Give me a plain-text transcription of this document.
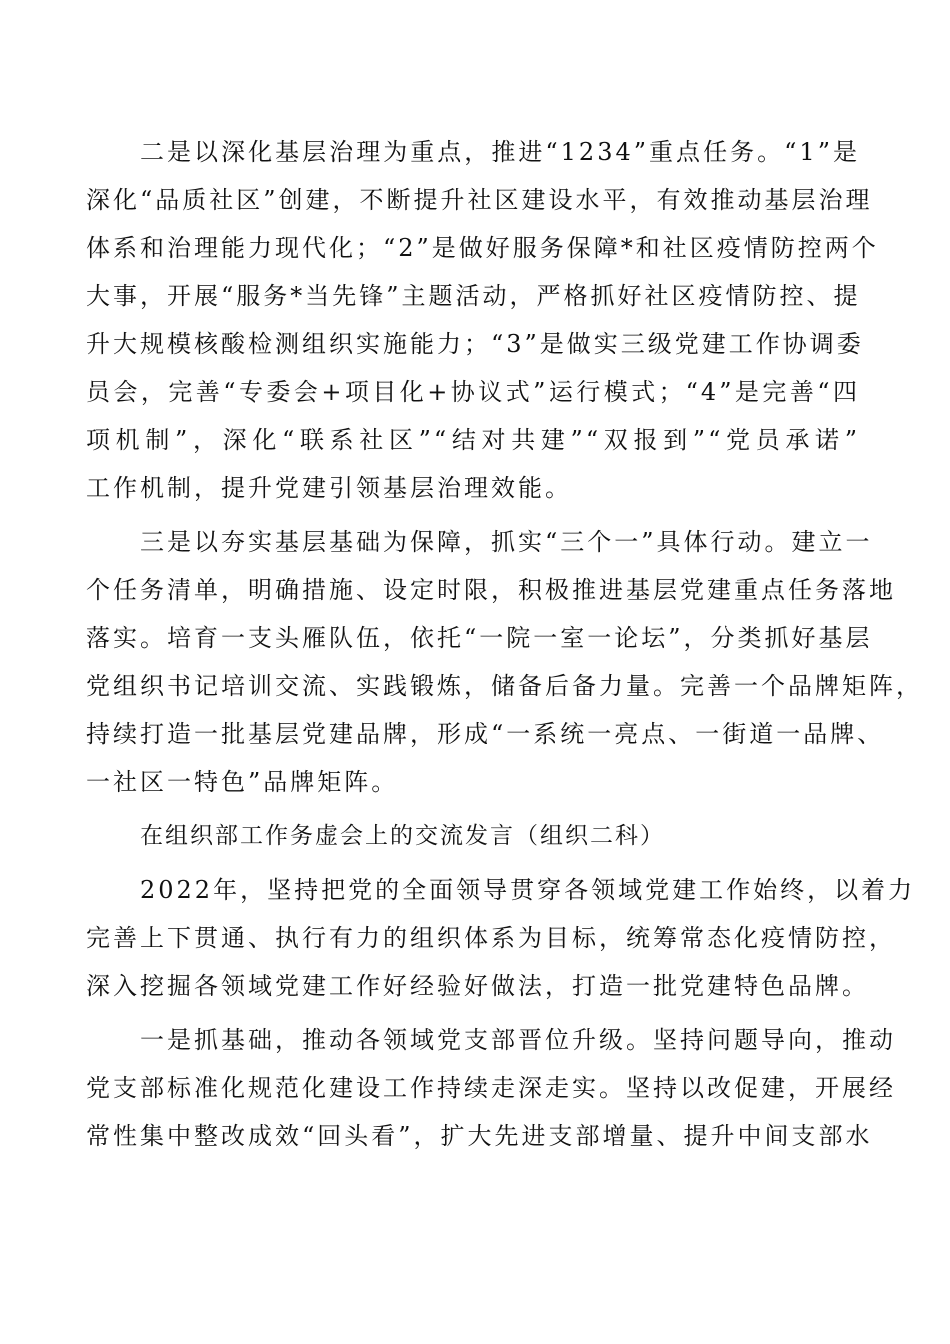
二是以深化基层治理为重点，推进“1234”重点任务。“1”是
深化“品质社区”创建，不断提升社区建设水平，有效推动基层治理
体系和治理能力现代化；“2”是做好服务保障*和社区疫情防控两个
大事，开展“服务*当先锋”主题活动，严格抓好社区疫情防控、提
升大规模核酸检测组织实施能力；“3”是做实三级党建工作协调委
员会，完善“专委会+项目化+协议式”运行模式；“4”是完善“四
项机制”，深化“联系社区”“结对共建”“双报到”“党员承诺”
工作机制，提升党建引领基层治理效能。
三是以夯实基层基础为保障，抓实“三个一”具体行动。建立一
个任务清单，明确措施、设定时限，积极推进基层党建重点任务落地
落实。培育一支头雁队伍，依托“一院一室一论坛”，分类抓好基层
党组织书记培训交流、实践锻炼，储备后备力量。完善一个品牌矩阵，
持续打造一批基层党建品牌，形成“一系统一亮点、一街道一品牌、
一社区一特色”品牌矩阵。
在组织部工作务虚会上的交流发言（组织二科）
2022年，坚持把党的全面领导贯穿各领域党建工作始终，以着力
完善上下贯通、执行有力的组织体系为目标，统筹常态化疫情防控，
深入挖掘各领域党建工作好经验好做法，打造一批党建特色品牌。
一是抓基础，推动各领域党支部晋位升级。坚持问题导向，推动
党支部标准化规范化建设工作持续走深走实。坚持以改促建，开展经
常性集中整改成效“回头看”，扩大先进支部增量、提升中间支部水
